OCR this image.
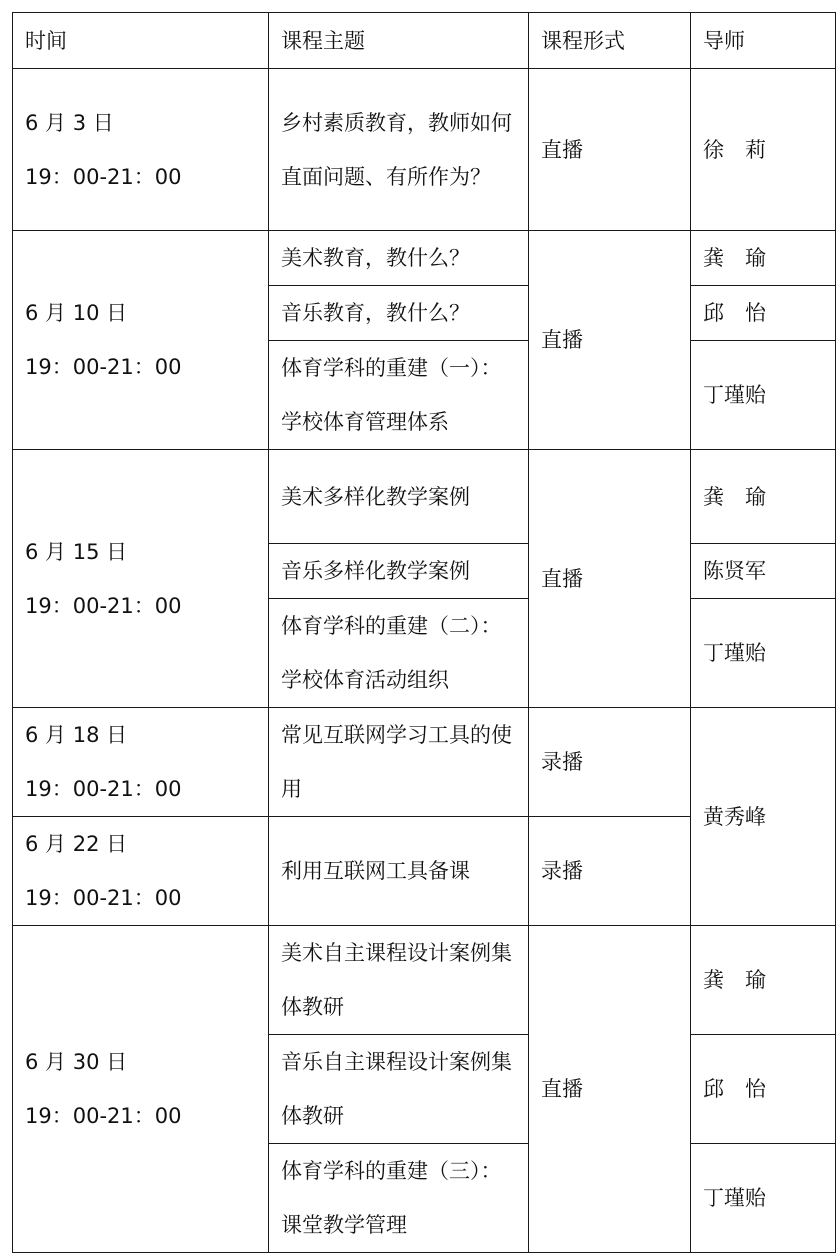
时间	课程主题	课程形式	导师

6 月 3 日
19：00-21：00	乡村素质教育，教师如何直面问题、有所作为？	直播	徐　莉

6 月 10 日
19：00-21：00	美术教育，教什么？	直播	龚　瑜
	音乐教育，教什么？		邱　怡
	体育学科的重建（一）：学校体育管理体系		丁瑾贻

6 月 15 日
19：00-21：00	美术多样化教学案例	直播	龚　瑜
	音乐多样化教学案例		陈贤军
	体育学科的重建（二）：学校体育活动组织		丁瑾贻

6 月 18 日
19：00-21：00	常见互联网学习工具的使用	录播	黄秀峰

6 月 22 日
19：00-21：00	利用互联网工具备课	录播	

6 月 30 日
19：00-21：00	美术自主课程设计案例集体教研	直播	龚　瑜
	音乐自主课程设计案例集体教研		邱　怡
	体育学科的重建（三）：课堂教学管理		丁瑾贻
